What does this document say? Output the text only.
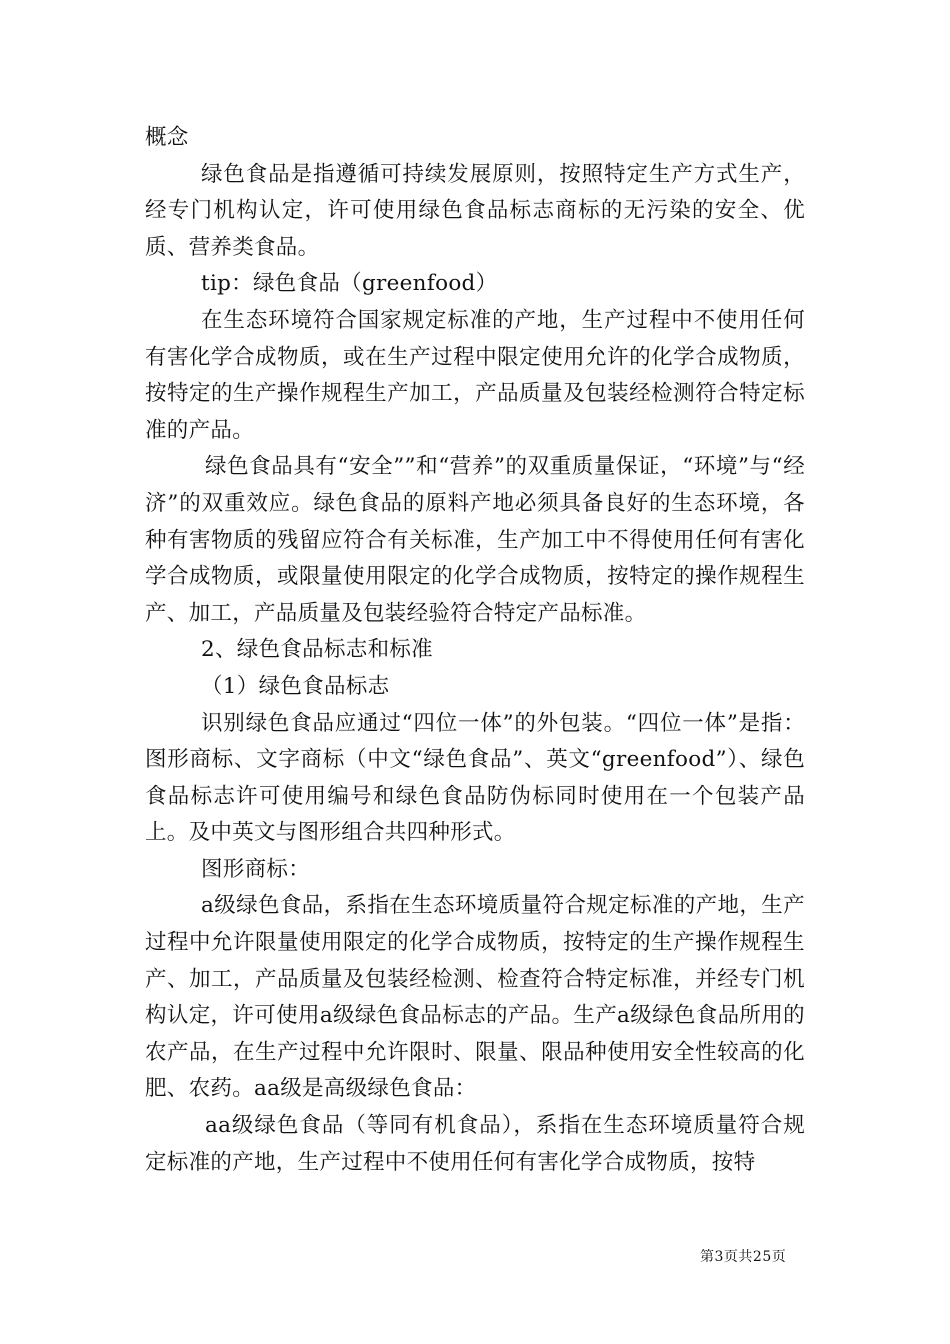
概念

绿色食品是指遵循可持续发展原则，按照特定生产方式生产，经专门机构认定，许可使用绿色食品标志商标的无污染的安全、优质、营养类食品。

tip：绿色食品（greenfood）

在生态环境符合国家规定标准的产地，生产过程中不使用任何有害化学合成物质，或在生产过程中限定使用允许的化学合成物质，按特定的生产操作规程生产加工，产品质量及包装经检测符合特定标准的产品。

绿色食品具有“安全””和“营养”的双重质量保证，“环境”与“经济”的双重效应。绿色食品的原料产地必须具备良好的生态环境，各种有害物质的残留应符合有关标准，生产加工中不得使用任何有害化学合成物质，或限量使用限定的化学合成物质，按特定的操作规程生产、加工，产品质量及包装经验符合特定产品标准。

2、绿色食品标志和标准

（1）绿色食品标志

识别绿色食品应通过“四位一体”的外包装。“四位一体”是指：图形商标、文字商标（中文“绿色食品”、英文“greenfood”）、绿色食品标志许可使用编号和绿色食品防伪标同时使用在一个包装产品上。及中英文与图形组合共四种形式。

图形商标：

a级绿色食品，系指在生态环境质量符合规定标准的产地，生产过程中允许限量使用限定的化学合成物质，按特定的生产操作规程生产、加工，产品质量及包装经检测、检查符合特定标准，并经专门机构认定，许可使用a级绿色食品标志的产品。生产a级绿色食品所用的农产品，在生产过程中允许限时、限量、限品种使用安全性较高的化肥、农药。aa级是高级绿色食品：

aa级绿色食品（等同有机食品），系指在生态环境质量符合规定标准的产地，生产过程中不使用任何有害化学合成物质，按特

第3页共25页
